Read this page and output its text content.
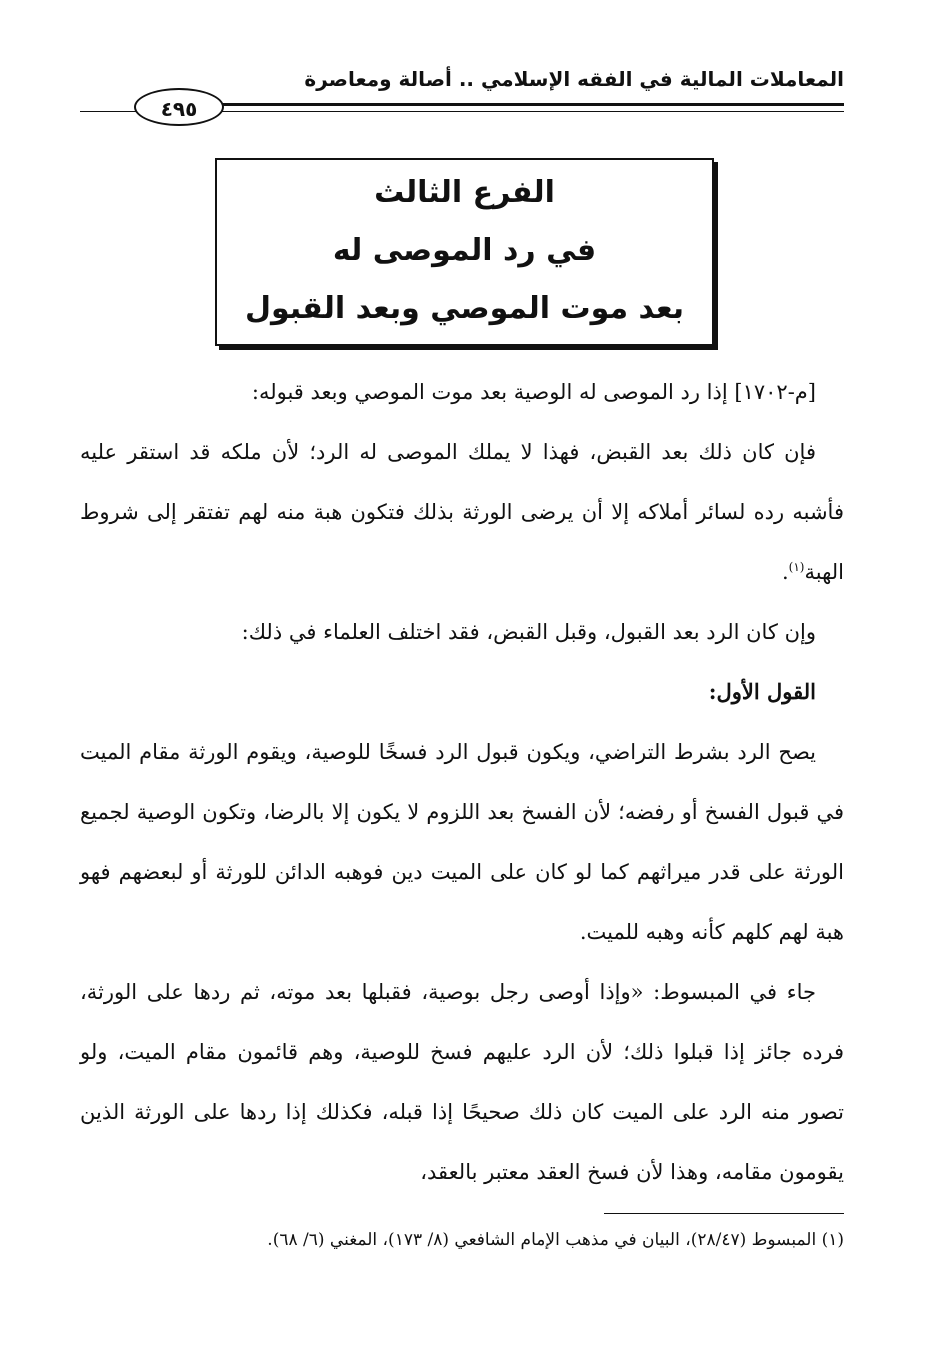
المعاملات المالية في الفقه الإسلامي .. أصالة ومعاصرة
٤٩٥
الفرع الثالث
في رد الموصى له
بعد موت الموصي وبعد القبول

[م-١٧٠٢] إذا رد الموصى له الوصية بعد موت الموصي وبعد قبوله:

فإن كان ذلك بعد القبض، فهذا لا يملك الموصى له الرد؛ لأن ملكه قد استقر عليه فأشبه رده لسائر أملاكه إلا أن يرضى الورثة بذلك فتكون هبة منه لهم تفتقر إلى شروط الهبة$^{(١)}$.

وإن كان الرد بعد القبول، وقبل القبض، فقد اختلف العلماء في ذلك:

القول الأول:

يصح الرد بشرط التراضي، ويكون قبول الرد فسخًا للوصية، ويقوم الورثة مقام الميت في قبول الفسخ أو رفضه؛ لأن الفسخ بعد اللزوم لا يكون إلا بالرضا، وتكون الوصية لجميع الورثة على قدر ميراثهم كما لو كان على الميت دين فوهبه الدائن للورثة أو لبعضهم فهو هبة لهم كلهم كأنه وهبه للميت.

جاء في المبسوط: «وإذا أوصى رجل بوصية، فقبلها بعد موته، ثم ردها على الورثة، فرده جائز إذا قبلوا ذلك؛ لأن الرد عليهم فسخ للوصية، وهم قائمون مقام الميت، ولو تصور منه الرد على الميت كان ذلك صحيحًا إذا قبله، فكذلك إذا ردها على الورثة الذين يقومون مقامه، وهذا لأن فسخ العقد معتبر بالعقد،

(١) المبسوط (٢٨/٤٧)، البيان في مذهب الإمام الشافعي (٨/ ١٧٣)، المغني (٦/ ٦٨).
